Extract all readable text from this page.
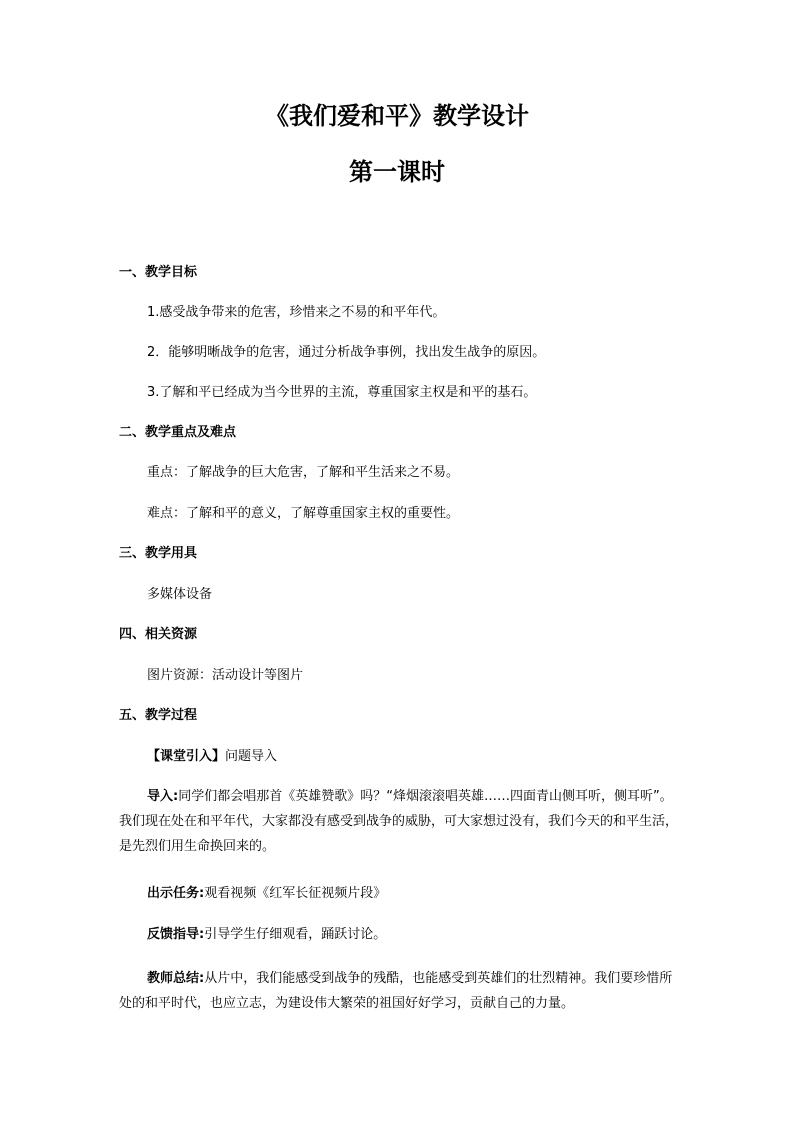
《我们爱和平》教学设计
第一课时
一、教学目标
1.感受战争带来的危害，珍惜来之不易的和平年代。
2．能够明晰战争的危害，通过分析战争事例，找出发生战争的原因。
3.了解和平已经成为当今世界的主流，尊重国家主权是和平的基石。
二、教学重点及难点
重点：了解战争的巨大危害，了解和平生活来之不易。
难点：了解和平的意义，了解尊重国家主权的重要性。
三、教学用具
多媒体设备
四、相关资源
图片资源：活动设计等图片
五、教学过程
【课堂引入】问题导入
导入:同学们都会唱那首《英雄赞歌》吗？“烽烟滚滚唱英雄……四面青山侧耳听，侧耳听”。我们现在处在和平年代，大家都没有感受到战争的威胁，可大家想过没有，我们今天的和平生活，是先烈们用生命换回来的。
出示任务:观看视频《红军长征视频片段》
反馈指导:引导学生仔细观看，踊跃讨论。
教师总结:从片中，我们能感受到战争的残酷，也能感受到英雄们的壮烈精神。我们要珍惜所处的和平时代，也应立志，为建设伟大繁荣的祖国好好学习，贡献自己的力量。
